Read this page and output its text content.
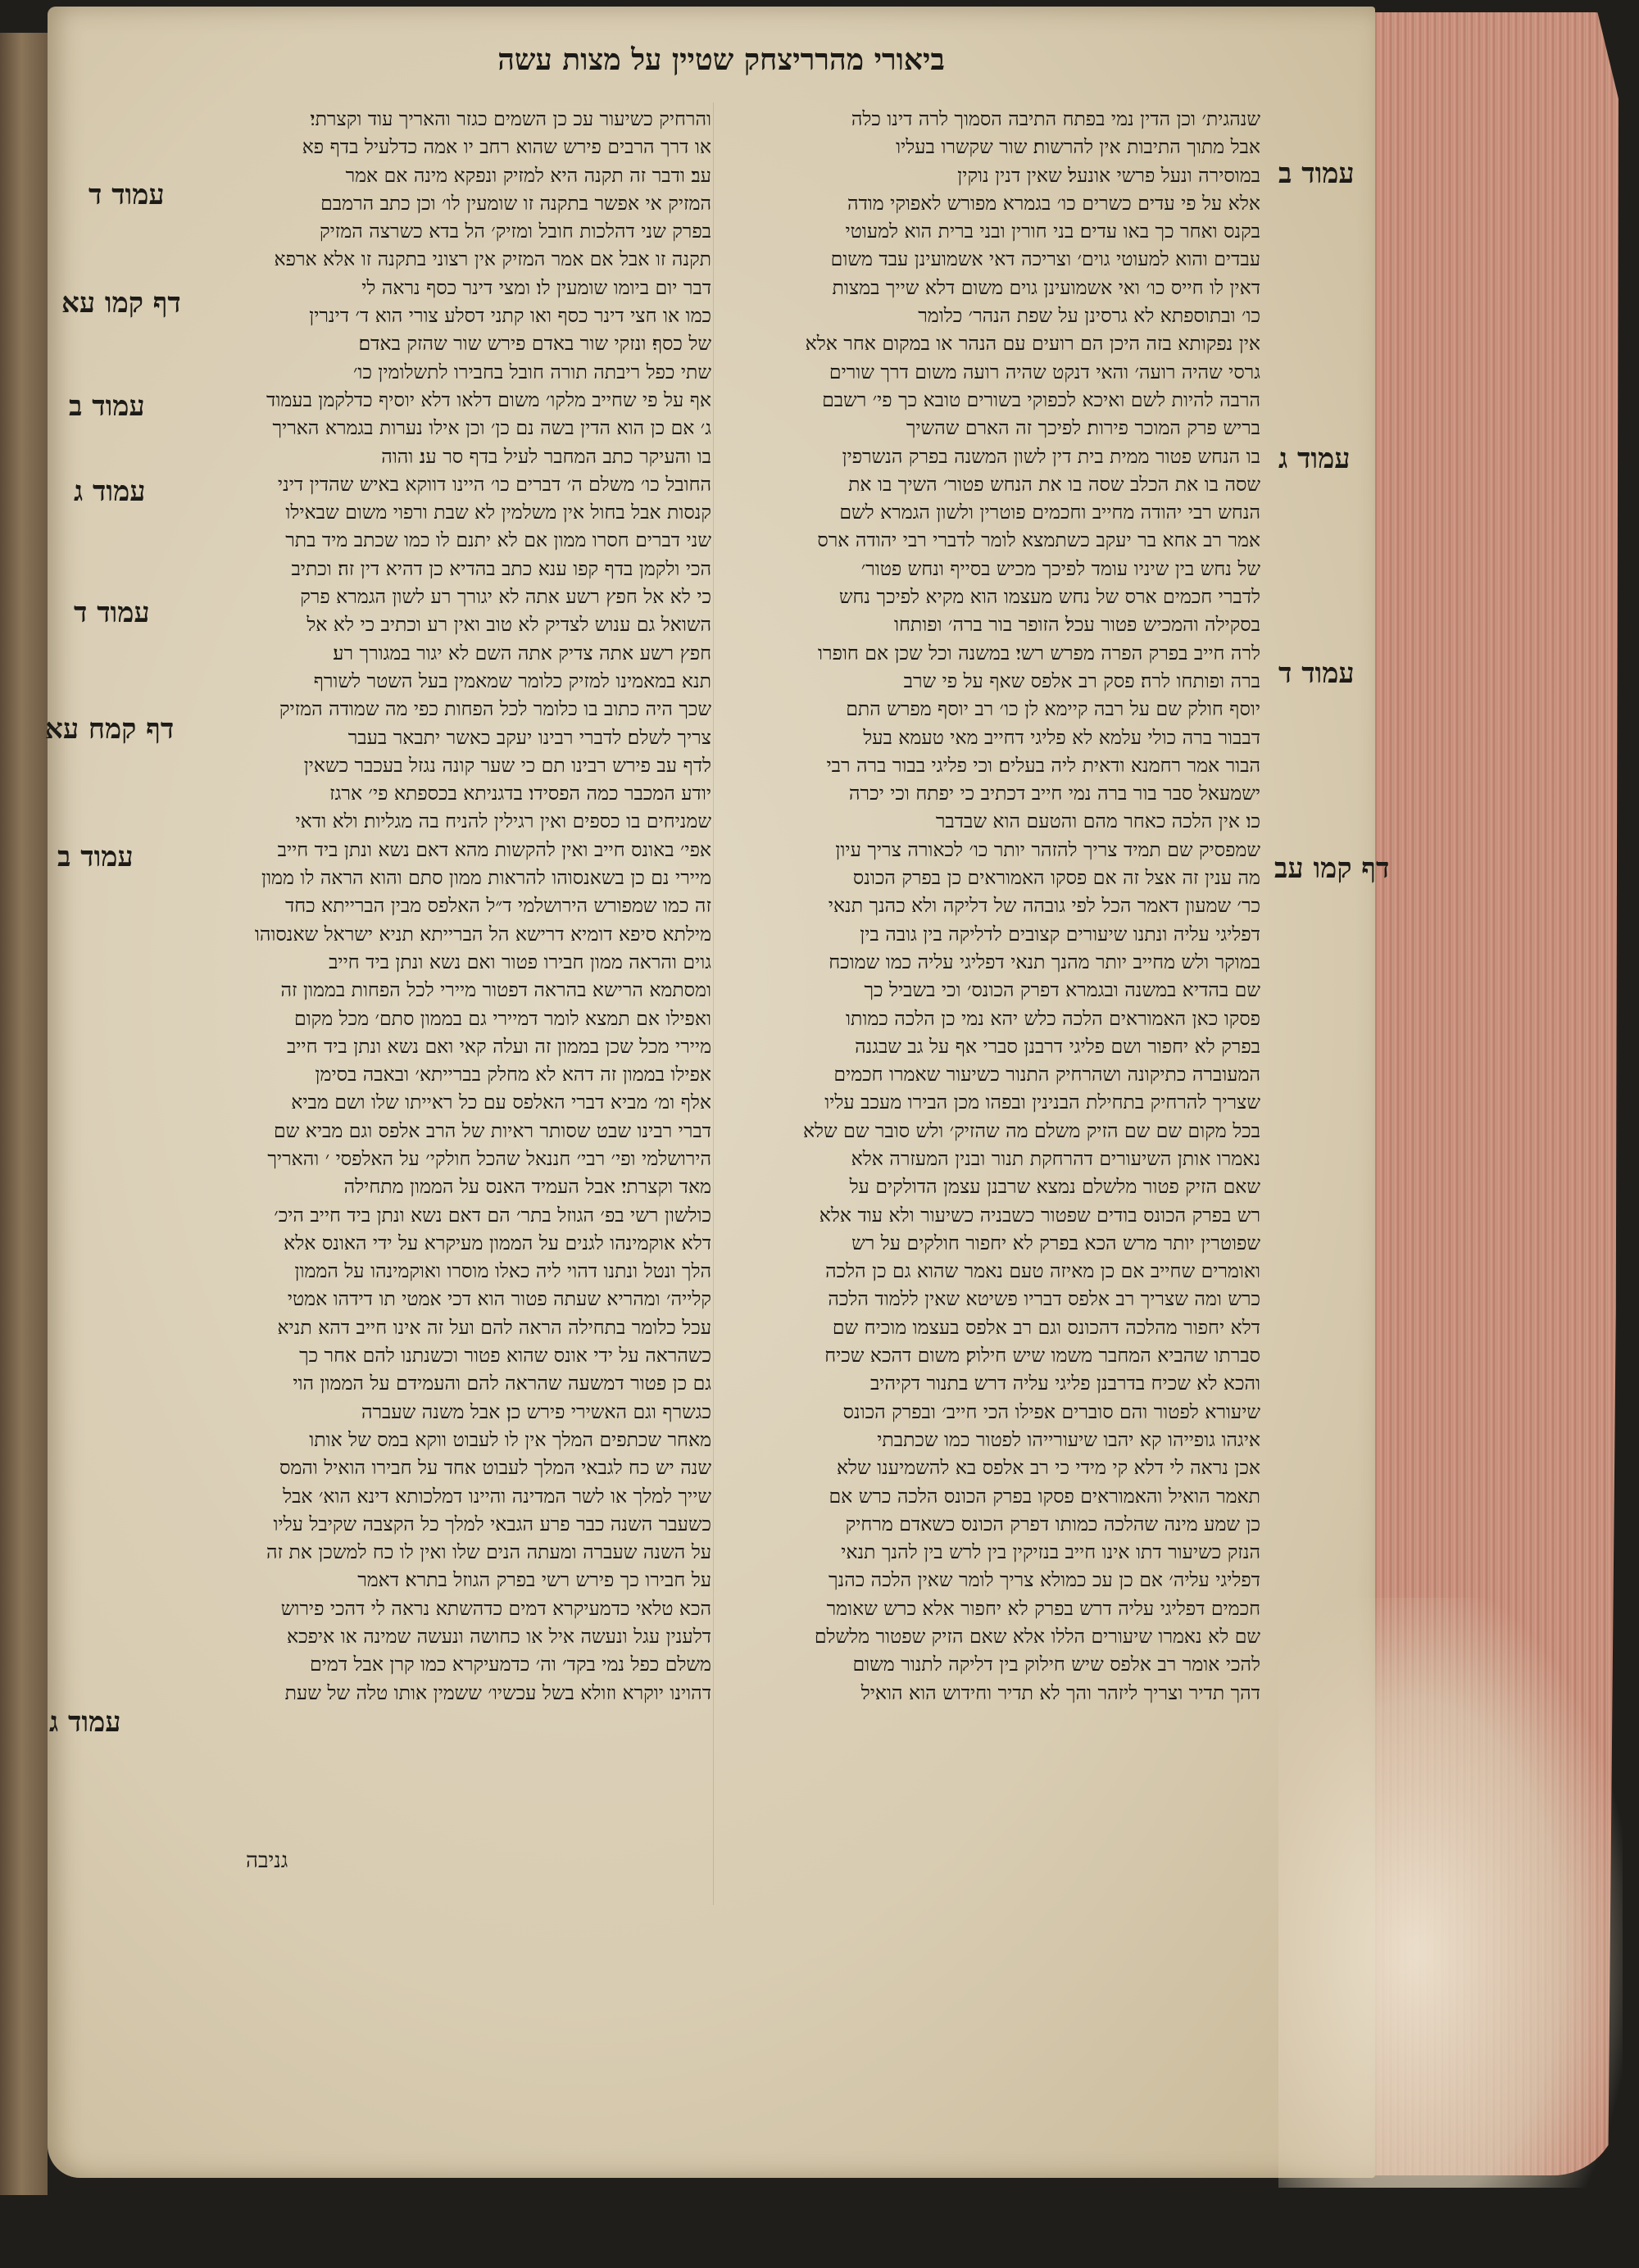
ביאורי מהרריצחק שטיין על מצות עשה
שנהגית׳ וכן הדין נמי בפתח התיבה הסמוך לרה דינו כלה
אבל מתוך התיבות אין להרשות׃ שור שקשרו בעליו
במוסירה ונעל פרשי אונעל׃ שאין דנין נוקין
אלא על פי עדים כשרים כו׳ בגמרא מפורש לאפוקי מודה
בקנס ואחר כך באו עדים׃ בני חורין ובני ברית הוא למעוטי
עבדים והוא למעוטי גוים׳ וצריכה דאי אשמועינן עבד משום
דאין לו חייס כו׳ ואי אשמועינן גוים משום דלא שייך במצות
כו׳ ובתוספתא לא גרסינן על שפת הנהר׳ כלומר
אין נפקותא בזה היכן הם רועים עם הנהר או במקום אחר אלא
גרסי שהיה רועה׳ והאי דנקט שהיה רועה משום דרך שורים
הרבה להיות לשם ואיכא לכפוקי בשורים טובא כך פי׳ רשבם
בריש פרק המוכר פירות׃ לפיכך זה הארם שהשיך
בו הנחש פטור ממית בית דין לשון המשנה בפרק הנשרפין
שסה בו את הכלב שסה בו את הנחש פטור׳ השיך בו את
הנחש רבי יהודה מחייב וחכמים פוטרין ולשון הגמרא לשם
אמר רב אחא בר יעקב כשתמצא לומר לדברי רבי יהודה ארס
של נחש בין שיניו עומד לפיכך מכיש בסייף ונחש פטור׳
לדברי חכמים ארס של נחש מעצמו הוא מקיא לפיכך נחש
בסקילה והמכיש פטור עכל׃ הזופר בור ברה׳ ופותחו
לרה חייב בפרק הפרה מפרש רשי׃ במשנה וכל שכן אם חופרו
ברה ופותחו לרה׃ פסק רב אלפס שאף על פי שרב
יוסף חולק שם על רבה קיימא לן כו׳ רב יוסף מפרש התם
דבבור ברה כולי עלמא לא פליגי דחייב מאי טעמא בעל
הבור אמר רחמנא ודאית ליה בעלים׃ וכי פליגי בבור ברה רבי
ישמעאל סבר בור ברה נמי חייב דכתיב כי יפתח וכי יכרה
כו׃ אין הלכה כאחר מהם והטעם הוא שבדבר
שמפסיק שם תמיד צריך להזהר יותר כו׳ לכאורה צריך עיון
מה ענין זה אצל זה אם פסקו האמוראים כן בפרק הכונס
כר׳ שמעון דאמר הכל לפי גובהה של דליקה ולא כהנך תנאי
דפליגי עליה ונתנו שיעורים קצובים לדליקה בין גובה בין
במוקר ולש מחייב יותר מהנך תנאי דפליגי עליה כמו שמוכח
שם בהדיא במשנה ובגמרא דפרק הכונס׳ וכי בשביל כך
פסקו כאן האמוראים הלכה כלש יהא נמי כן הלכה כמותו
בפרק לא יחפור ושם פליגי דרבנן סברי אף על גב שבגנה
המעוברה כתיקונה ושהרחיק התנור כשיעור שאמרו חכמים
שצריך להרחיק בתחילת הבנינין ובפהו מכן הבירו מעכב עליו
בכל מקום שם שם הזיק משלם מה שהזיק׳ ולש סובר שם שלא
נאמרו אותן השיעורים דהרחקת תנור ובנין המעזרה אלא
שאם הזיק פטור מלשלם נמצא שרבנן עצמן הדולקים על
רש בפרק הכונס בודים שפטור כשבניה כשיעור ולא עוד אלא
שפוטרין יותר מרש הכא בפרק לא יחפור חולקים על רש
ואומרים שחייב אם כן מאיזה טעם נאמר שהוא גם כן הלכה
כרש ומה שצריך רב אלפס דבריו פשיטא שאין ללמוד הלכה
דלא יחפור מהלכה דהכונס וגם רב אלפס בעצמו מוכיח שם
סברתו שהביא המחבר משמו שיש חילוק׃ משום דהכא שכיח
והכא לא שכיח בדרבנן פליגי עליה דרש בתנור דקיהיב
שיעורא לפטור והם סוברים אפילו הכי חייב׳ ובפרק הכונס
איגהו גופייהו קא יהבו שיעורייהו לפטור כמו שכתבתי
אכן נראה לי דלא קי מידי כי רב אלפס בא להשמיענו שלא
תאמר הואיל והאמוראים פסקו בפרק הכונס הלכה כרש אם
כן שמע מינה שהלכה כמותו דפרק הכונס כשאדם מרחיק
הנזק כשיעור דתו אינו חייב בנזיקין בין לרש בין להנך תנאי
דפליגי עליה׳ אם כן עכ כמולא צריך לומר שאין הלכה כהנך
חכמים דפליגי עליה דרש בפרק לא יחפור אלא כרש שאומר
שם לא נאמרו שיעורים הללו אלא שאם הזיק שפטור מלשלם
להכי אומר רב אלפס שיש חילוק בין דליקה לתנור משום
דהך תדיר וצריך ליזהר והך לא תדיר וחידוש הוא הואיל
והרחיק כשיעור עכ כן השמים כגזר והאריך עוד וקצרתי׃
או דרך הרבים פירש שהוא רחב יו אמה כדלעיל בדף פא
עב׃ ודבר זה תקנה היא למזיק ונפקא מינה אם אמר
המזיק אי אפשר בתקנה זו שומעין לו׳ וכן כתב הרמבם
בפרק שני דהלכות חובל ומזיק׳ הל בדא כשרצה המזיק
תקנה זו אבל אם אמר המזיק אין רצוני בתקנה זו אלא ארפא
דבר יום ביומו שומעין לו׃ ומצי דינר כסף נראה לי
כמו או חצי דינר כסף ואו קתני דסלע צורי הוא ד׳ דינרין
של כסף׃ ונזקי שור באדם פירש שור שהזק באדם׃
שתי כפל ריבתה תורה חובל בחבירו לתשלומין כו׳
אף על פי שחייב מלקו׳ משום דלאו דלא יוסיף כדלקמן בעמוד
ג׳ אם כן הוא הדין בשה נם כן׳ וכן אילו נערות בגמרא האריך
בו והעיקר כתב המחבר לעיל בדף סר ענ׃ והוה
החובל כו׳ משלם ה׳ דברים כו׳ היינו דווקא באיש שהדין דיני
קנסות אבל בחול אין משלמין לא שבת ורפוי משום שבאילו
שני דברים חסרו ממון אם לא יתנם לו כמו שכתב מיד בתר
הכי ולקמן בדף קפו ענא כתב בהדיא כן דהיא דין זה׃ וכתיב
כי לא אל חפץ רשע אתה לא יגורך רע לשון הגמרא פרק
השואל גם ענוש לצדיק לא טוב ואין רע וכתיב כי לא אל
חפץ רשע אתה צדיק אתה השם לא יגור במגורך רע׃
תנא במאמינו למזיק כלומר שמאמין בעל השטר לשורף
שכך היה כתוב בו כלומר לכל הפחות כפי מה שמודה המזיק
צריך לשלם׃ לדברי רבינו יעקב כאשר יתבאר בעבר
לדף עב פירש רבינו תם כי שער קונה נגזל בעכבר כשאין
יודע המכבר כמה הפסידו׃ בדגניתא בכספתא פי׳ ארגז
שמניחים בו כספים ואין רגילין להניח בה מגליות׃ ולא ודאי
אפי׳ באונס חייב ואין להקשות מהא דאם נשא ונתן ביד חייב
מיירי נם כן בשאנסוהו להראות ממון סתם והוא הראה לו ממון
זה כמו שמפורש הירושלמי ד״ל האלפס מבין הברייתא כחד
מילתא סיפא דומיא דרישא הל הברייתא תניא ישראל שאנסוהו
גוים והראה ממון חבירו פטור ואם נשא ונתן ביד חייב
ומסתמא הרישא בהראה דפטור מיירי לכל הפחות בממון זה
ואפילו אם תמצא לומר דמיירי גם בממון סתם׳ מכל מקום
מיירי מכל שכן בממון זה ועלה קאי ואם נשא ונתן ביד חייב
אפילו בממון זה דהא לא מחלק בברייתא׳ ובאבה בסימן
אלף ומ׳ מביא דברי האלפס עם כל ראייתו שלו ושם מביא
דברי רבינו שבט שסותר ראיות של הרב אלפס וגם מביא שם
הירושלמי ופי׳ רבי׳ חננאל שהכל חולקי׳ על האלפסי ׳ והאריך
מאד וקצרתי׃ אבל העמיד האנס על הממון מתחילה
כולשון רשי בפ׳ הגוזל בתר׳ הם דאם נשא ונתן ביד חייב היכ׳
דלא אוקמינהו לגנים על הממון מעיקרא על ידי האונס אלא
הלך ונטל ונתנו דהוי ליה כאלו מוסרו ואוקמינהו על הממון
קלייה׳ ומהריא שעתה פטור הוא דכי אמטי תו דידהו אמטי
עכל כלומר בתחילה הראה להם ועל זה אינו חייב דהא תניא
כשהראה על ידי אונס שהוא פטור וכשנתנו להם אחר כך
גם כן פטור דמשעה שהראה להם והעמידם על הממון הוי
כגשרף וגם האשירי פירש כן׃ אבל משנה שעברה
מאחר שכתפים המלך אין לו לעבוט ווקא במס של אותו
שנה יש כח לגבאי המלך לעבוט אחד על חבירו הואיל והמס
שייך למלך או לשר המדינה והיינו דמלכותא דינא הוא׳ אבל
כשעבר השנה כבר פרע הגבאי למלך כל הקצבה שקיבל עליו
על השנה שעברה ומעתה הנים שלו ואין לו כח למשכן את זה
על חבירו כך פירש רשי בפרק הגוזל בתרא׃ דאמר
הכא טלאי כדמעיקרא דמים כדהשתא נראה לי דהכי פירוש
דלענין עגל ונעשה איל או כחושה ונעשה שמינה או איפכא
משלם כפל נמי בקד׳ וה׳ כדמעיקרא כמו קרן אבל דמים
דהוינו יוקרא וזולא בשל עכשיו׳ ששמין אותו טלה של שעת
עמוד ב
עמוד ג
עמוד ד
דף קמו עב
עמוד ד
דף קמו עא
עמוד ב
עמוד ג
עמוד ד
דף קמח עא
עמוד ב
עמוד ג
גניבה
